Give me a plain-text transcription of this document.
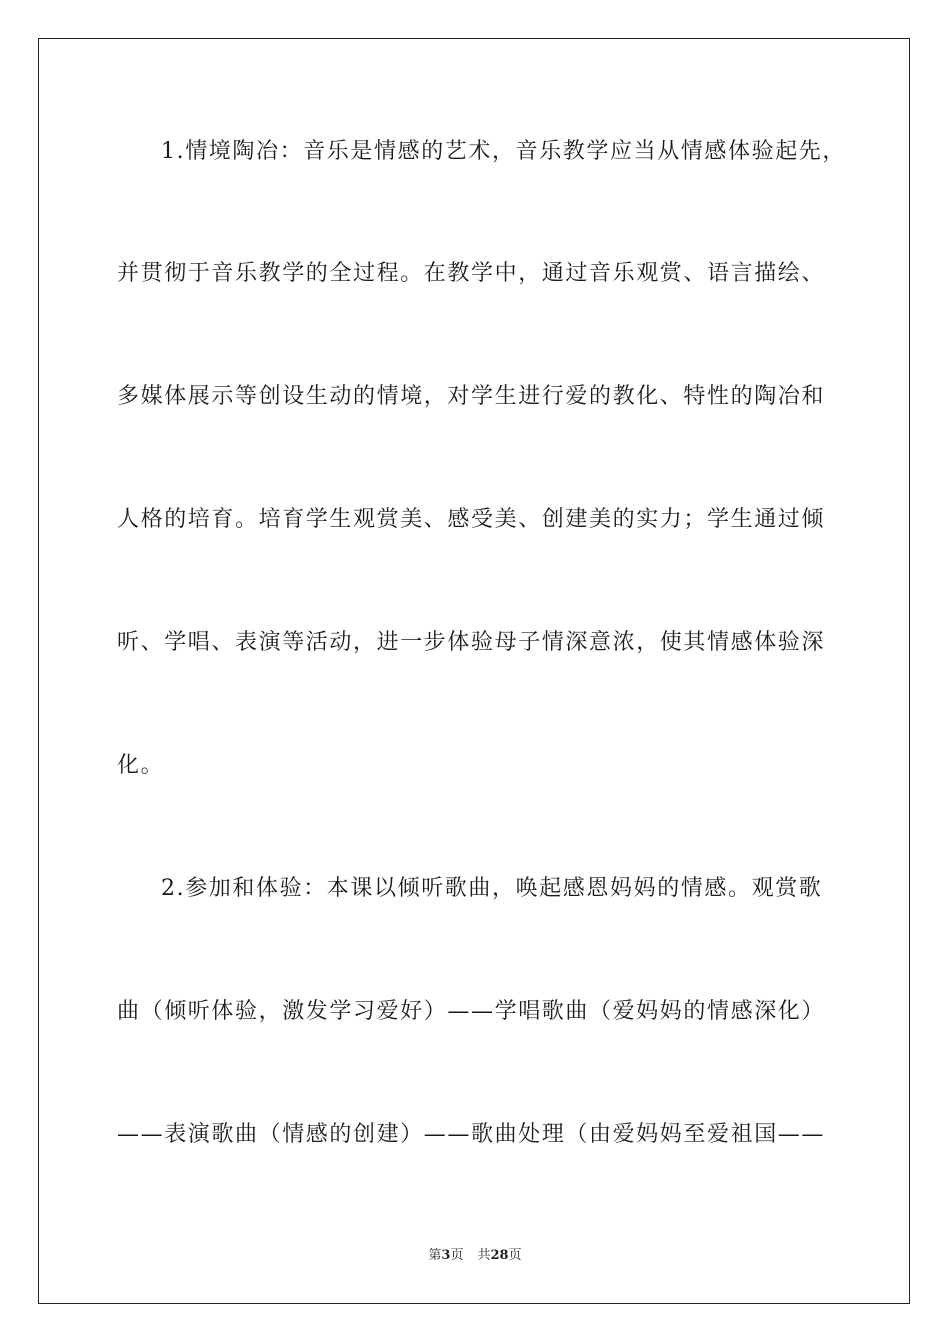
1.情境陶冶：音乐是情感的艺术，音乐教学应当从情感体验起先，
并贯彻于音乐教学的全过程。在教学中，通过音乐观赏、语言描绘、
多媒体展示等创设生动的情境，对学生进行爱的教化、特性的陶冶和
人格的培育。培育学生观赏美、感受美、创建美的实力；学生通过倾
听、学唱、表演等活动，进一步体验母子情深意浓，使其情感体验深
化。
2.参加和体验：本课以倾听歌曲，唤起感恩妈妈的情感。观赏歌
曲（倾听体验，激发学习爱好）——学唱歌曲（爱妈妈的情感深化）
——表演歌曲（情感的创建）——歌曲处理（由爱妈妈至爱祖国——
第3页 共28页
